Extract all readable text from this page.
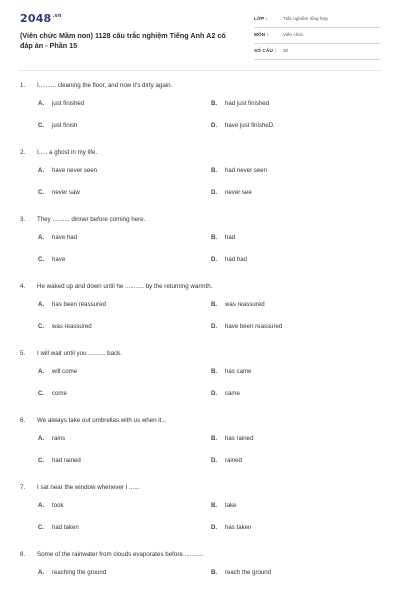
$2048^{.vn}$
(Viên chức Mầm non) 1128 câu trắc nghiệm Tiếng Anh A2 có đáp án - Phần 15
LỚP :	Trắc nghiệm tổng hợp
MÔN :	Viên chức
SỐ CÂU : 30
1. I.......... cleaning the floor, and now it's dirty again.
A. just finished	B. had just finished
C. just finish	D. have just finisheD.
2. I..... a ghost in my life.
A. have never seen	B. had never seen
C. never saw	D. never see
3. They .......... dinner before coming here.
A. have had	B. had
C. have	D. had had
4. He waked up and down until he ........... by the returning warmth.
A. has been reassured	B. was reassured
C. was reassured	D. have been reassured
5. I will wait until you .......... back.
A. will come	B. has came
C. come	D. came
6. We always take out umbrellas with us when it...
A. rains	B. has rained
C. had rained	D. rained
7. I sat near the window whenever I ......
A. took	B. take
C. had taken	D. has taken
8. Some of the rainwater from clouds evaporates before............
A. reaching the ground	B. reach the ground
